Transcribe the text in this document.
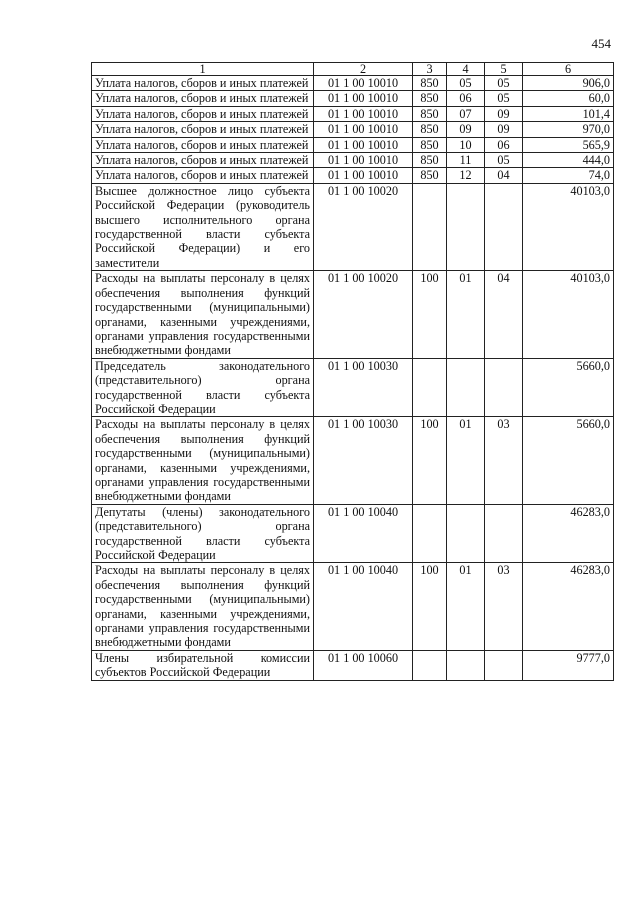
454
1	2	3	4	5	6
Уплата налогов, сборов и иных платежей	01 1 00 10010	850	05	05	906,0
Уплата налогов, сборов и иных платежей	01 1 00 10010	850	06	05	60,0
Уплата налогов, сборов и иных платежей	01 1 00 10010	850	07	09	101,4
Уплата налогов, сборов и иных платежей	01 1 00 10010	850	09	09	970,0
Уплата налогов, сборов и иных платежей	01 1 00 10010	850	10	06	565,9
Уплата налогов, сборов и иных платежей	01 1 00 10010	850	11	05	444,0
Уплата налогов, сборов и иных платежей	01 1 00 10010	850	12	04	74,0
Высшее должностное лицо субъекта Российской Федерации (руководитель высшего исполнительного органа государственной власти субъекта Российской Федерации) и его заместители	01 1 00 10020				40103,0
Расходы на выплаты персоналу в целях обеспечения выполнения функций государственными (муниципальными) органами, казенными учреждениями, органами управления государственными внебюджетными фондами	01 1 00 10020	100	01	04	40103,0
Председатель законодательного (представительного) органа государственной власти субъекта Российской Федерации	01 1 00 10030				5660,0
Расходы на выплаты персоналу в целях обеспечения выполнения функций государственными (муниципальными) органами, казенными учреждениями, органами управления государственными внебюджетными фондами	01 1 00 10030	100	01	03	5660,0
Депутаты (члены) законодательного (представительного) органа государственной власти субъекта Российской Федерации	01 1 00 10040				46283,0
Расходы на выплаты персоналу в целях обеспечения выполнения функций государственными (муниципальными) органами, казенными учреждениями, органами управления государственными внебюджетными фондами	01 1 00 10040	100	01	03	46283,0
Члены избирательной комиссии субъектов Российской Федерации	01 1 00 10060				9777,0
